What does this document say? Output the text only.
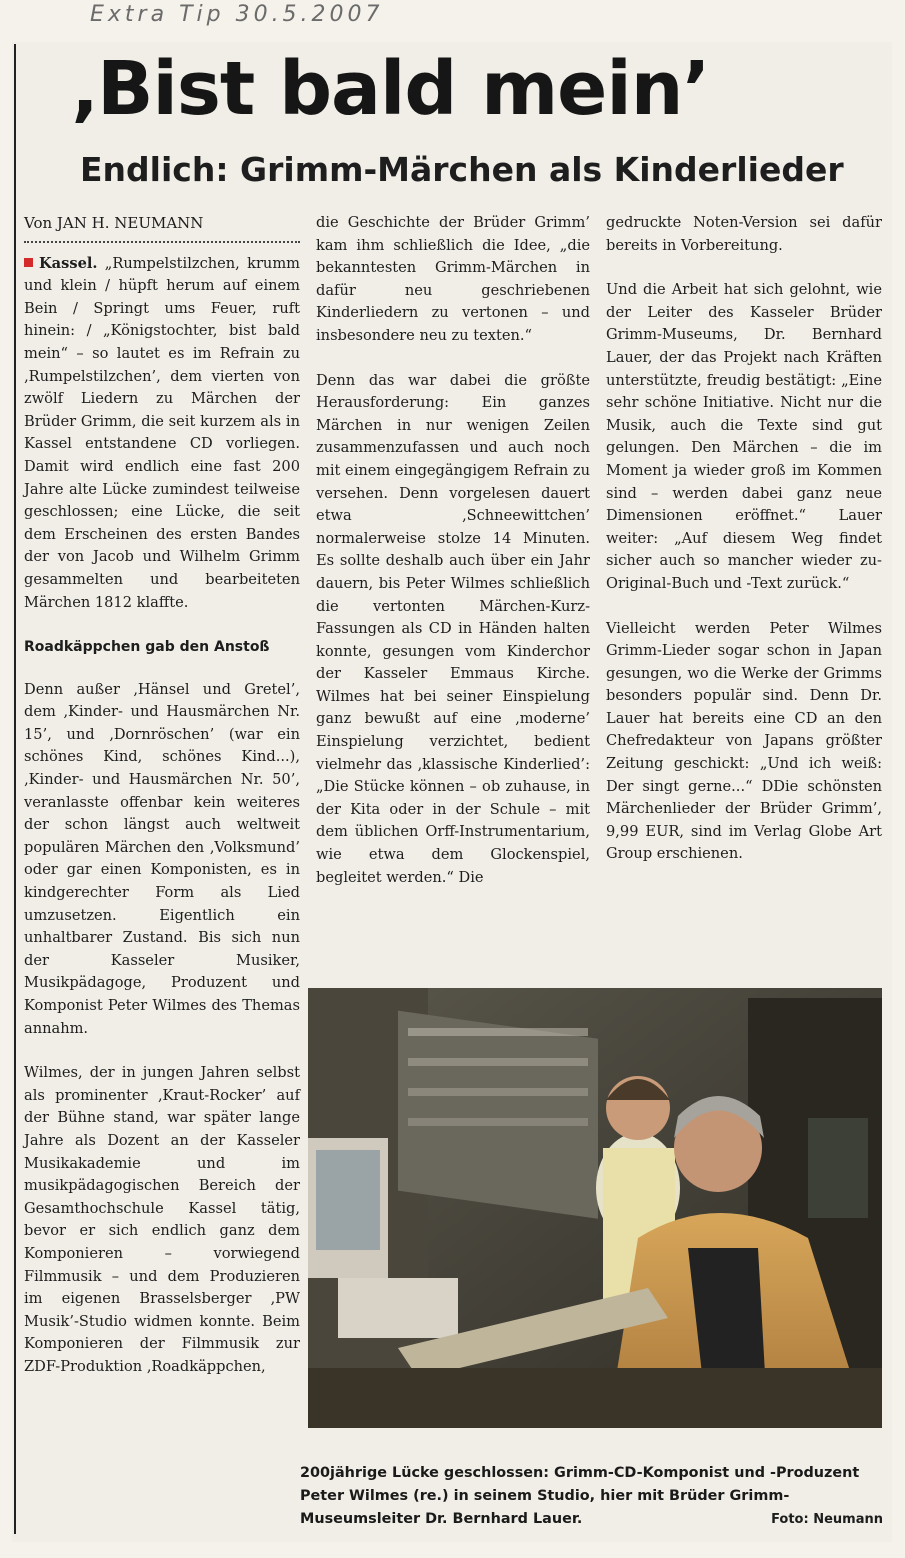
Extra Tip 30.5.2007
‚Bist bald mein’
Endlich: Grimm-Märchen als Kinderlieder
Von JAN H. NEUMANN

Kassel. „Rumpelstilzchen, krumm und klein / hüpft herum auf einem Bein / Springt ums Feuer, ruft hinein: / „Königstochter, bist bald mein“ – so lautet es im Refrain zu ‚Rumpelstilzchen’, dem vierten von zwölf Liedern zu Märchen der Brüder Grimm, die seit kurzem als in Kassel entstandene CD vorliegen. Damit wird endlich eine fast 200 Jahre alte Lücke zumindest teilweise geschlossen; eine Lücke, die seit dem Erscheinen des ersten Bandes der von Jacob und Wilhelm Grimm gesammelten und bearbeiteten Märchen 1812 klaffte.

Roadkäppchen gab den Anstoß

Denn außer ‚Hänsel und Gretel’, dem ‚Kinder- und Hausmärchen Nr. 15’, und ‚Dornröschen’ (war ein schönes Kind, schönes Kind...), ‚Kinder- und Hausmärchen Nr. 50’, veranlasste offenbar kein weiteres der schon längst auch weltweit populären Märchen den ‚Volksmund’ oder gar einen Komponisten, es in kindgerechter Form als Lied umzusetzen. Eigentlich ein unhaltbarer Zustand. Bis sich nun der Kasseler Musiker, Musikpädagoge, Produzent und Komponist Peter Wilmes des Themas annahm.

Wilmes, der in jungen Jahren selbst als prominenter ‚Kraut-Rocker’ auf der Bühne stand, war später lange Jahre als Dozent an der Kasseler Musikakademie und im musikpädagogischen Bereich der Gesamthochschule Kassel tätig, bevor er sich endlich ganz dem Komponieren – vorwiegend Filmmusik – und dem Produzieren im eigenen Brasselsberger ‚PW Musik’-Studio widmen konnte. Beim Komponieren der Filmmusik zur ZDF-Produktion ‚Roadkäppchen,

die Geschichte der Brüder Grimm’ kam ihm schließlich die Idee, „die bekanntesten Grimm-Märchen in dafür neu geschriebenen Kinderliedern zu vertonen – und insbesondere neu zu texten.“

Denn das war dabei die größte Herausforderung: Ein ganzes Märchen in nur wenigen Zeilen zusammenzufassen und auch noch mit einem eingegängigem Refrain zu versehen. Denn vorgelesen dauert etwa ‚Schneewittchen’ normalerweise stolze 14 Minuten. Es sollte deshalb auch über ein Jahr dauern, bis Peter Wilmes schließlich die vertonten Märchen-Kurz-Fassungen als CD in Händen halten konnte, gesungen vom Kinderchor der Kasseler Emmaus Kirche. Wilmes hat bei seiner Einspielung ganz bewußt auf eine ‚moderne’ Einspielung verzichtet, bedient vielmehr das ‚klassische Kinderlied’: „Die Stücke können – ob zuhause, in der Kita oder in der Schule – mit dem üblichen Orff-Instrumentarium, wie etwa dem Glockenspiel, begleitet werden.“ Die

gedruckte Noten-Version sei dafür bereits in Vorbereitung.

Und die Arbeit hat sich gelohnt, wie der Leiter des Kasseler Brüder Grimm-Museums, Dr. Bernhard Lauer, der das Projekt nach Kräften unterstützte, freudig bestätigt: „Eine sehr schöne Initiative. Nicht nur die Musik, auch die Texte sind gut gelungen. Den Märchen – die im Moment ja wieder groß im Kommen sind – werden dabei ganz neue Dimensionen eröffnet.“ Lauer weiter: „Auf diesem Weg findet sicher auch so mancher wieder zu- Original-Buch und -Text zurück.“

Vielleicht werden Peter Wilmes Grimm-Lieder sogar schon in Japan gesungen, wo die Werke der Grimms besonders populär sind. Denn Dr. Lauer hat bereits eine CD an den Chefredakteur von Japans größter Zeitung geschickt: „Und ich weiß: Der singt gerne...“ DDie schönsten Märchenlieder der Brüder Grimm’, 9,99 EUR, sind im Verlag Globe Art Group erschienen.

200jährige Lücke geschlossen: Grimm-CD-Komponist und -Produzent Peter Wilmes (re.) in seinem Studio, hier mit Brüder Grimm-Museumsleiter Dr. Bernhard Lauer.	Foto: Neumann
